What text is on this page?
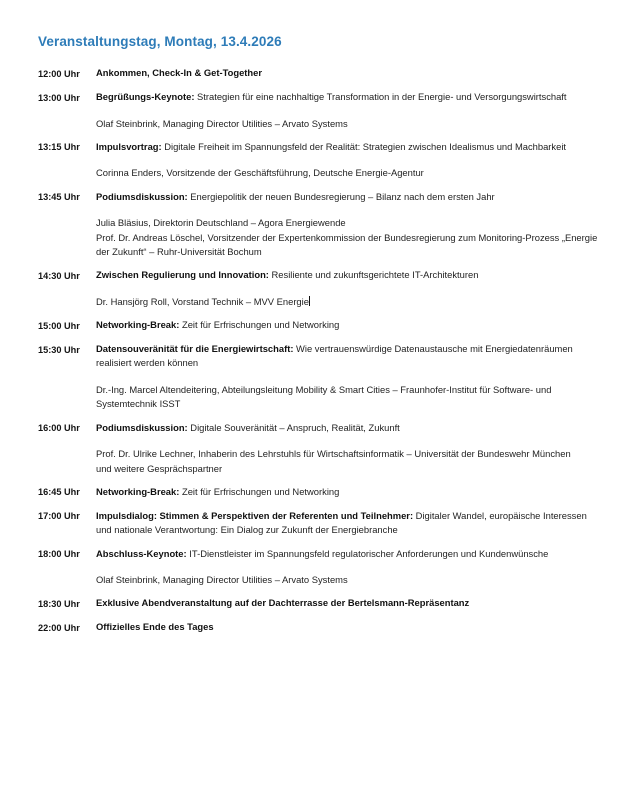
Veranstaltungstag, Montag, 13.4.2026
12:00 Uhr	Ankommen, Check-In & Get-Together

13:00 Uhr	Begrüßungs-Keynote: Strategien für eine nachhaltige Transformation in der Energie- und Versorgungswirtschaft

Olaf Steinbrink, Managing Director Utilities – Arvato Systems

13:15 Uhr	Impulsvortrag: Digitale Freiheit im Spannungsfeld der Realität: Strategien zwischen Idealismus und Machbarkeit

Corinna Enders, Vorsitzende der Geschäftsführung, Deutsche Energie-Agentur

13:45 Uhr	Podiumsdiskussion: Energiepolitik der neuen Bundesregierung – Bilanz nach dem ersten Jahr

Julia Bläsius, Direktorin Deutschland – Agora Energiewende

Prof. Dr. Andreas Löschel, Vorsitzender der Expertenkommission der Bundesregierung zum Monitoring-Prozess „Energie der Zukunft“ – Ruhr-Universität Bochum

14:30 Uhr	Zwischen Regulierung und Innovation: Resiliente und zukunftsgerichtete IT-Architekturen

Dr. Hansjörg Roll, Vorstand Technik – MVV Energie

15:00 Uhr	Networking-Break: Zeit für Erfrischungen und Networking

15:30 Uhr	Datensouveränität für die Energiewirtschaft: Wie vertrauenswürdige Datenaustausche mit Energiedatenräumen realisiert werden können

Dr.-Ing. Marcel Altendeitering, Abteilungsleitung Mobility & Smart Cities – Fraunhofer-Institut für Software- und Systemtechnik ISST

16:00 Uhr	Podiumsdiskussion: Digitale Souveränität – Anspruch, Realität, Zukunft

Prof. Dr. Ulrike Lechner, Inhaberin des Lehrstuhls für Wirtschaftsinformatik – Universität der Bundeswehr München

und weitere Gesprächspartner

16:45 Uhr	Networking-Break: Zeit für Erfrischungen und Networking

17:00 Uhr	Impulsdialog: Stimmen & Perspektiven der Referenten und Teilnehmer: Digitaler Wandel, europäische Interessen und nationale Verantwortung: Ein Dialog zur Zukunft der Energiebranche

18:00 Uhr	Abschluss-Keynote: IT-Dienstleister im Spannungsfeld regulatorischer Anforderungen und Kundenwünsche

Olaf Steinbrink, Managing Director Utilities – Arvato Systems

18:30 Uhr	Exklusive Abendveranstaltung auf der Dachterrasse der Bertelsmann-Repräsentanz

22:00 Uhr	Offizielles Ende des Tages
